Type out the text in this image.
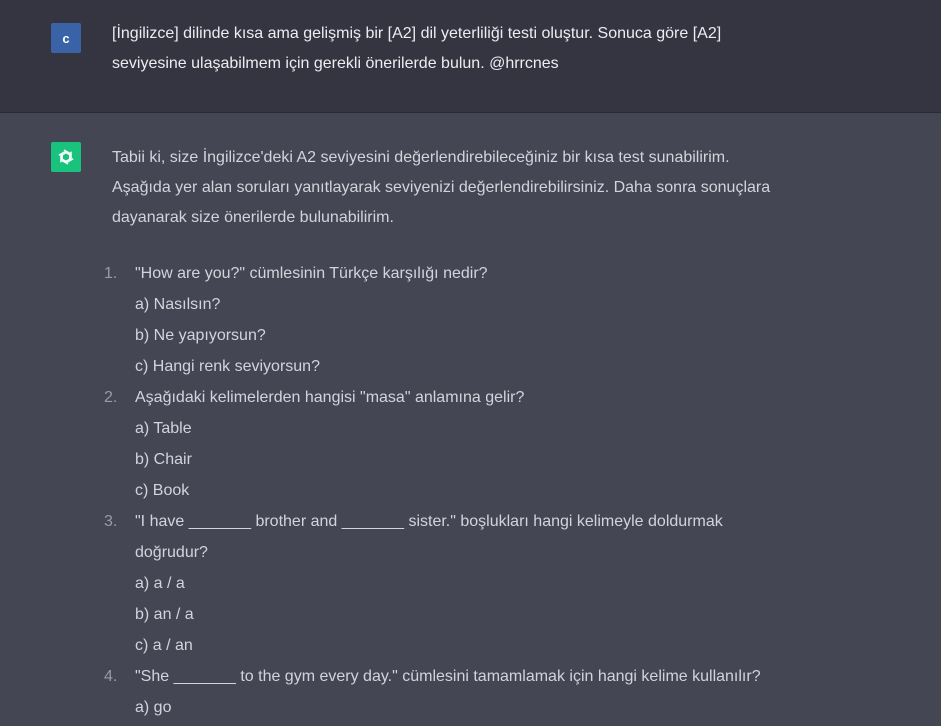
c	[İngilizce] dilinde kısa ama gelişmiş bir [A2] dil yeterliliği testi oluştur. Sonuca göre [A2]
seviyesine ulaşabilmem için gerekli önerilerde bulun. @hrrcnes
Tabii ki, size İngilizce'deki A2 seviyesini değerlendirebileceğiniz bir kısa test sunabilirim.
Aşağıda yer alan soruları yanıtlayarak seviyenizi değerlendirebilirsiniz. Daha sonra sonuçlara
dayanarak size önerilerde bulunabilirim.
1.	"How are you?" cümlesinin Türkçe karşılığı nedir?
a) Nasılsın?
b) Ne yapıyorsun?
c) Hangi renk seviyorsun?
2.	Aşağıdaki kelimelerden hangisi "masa" anlamına gelir?
a) Table
b) Chair
c) Book
3.	"I have _______ brother and _______ sister." boşlukları hangi kelimeyle doldurmak
doğrudur?
a) a / a
b) an / a
c) a / an
4.	"She _______ to the gym every day." cümlesini tamamlamak için hangi kelime kullanılır?
a) go
